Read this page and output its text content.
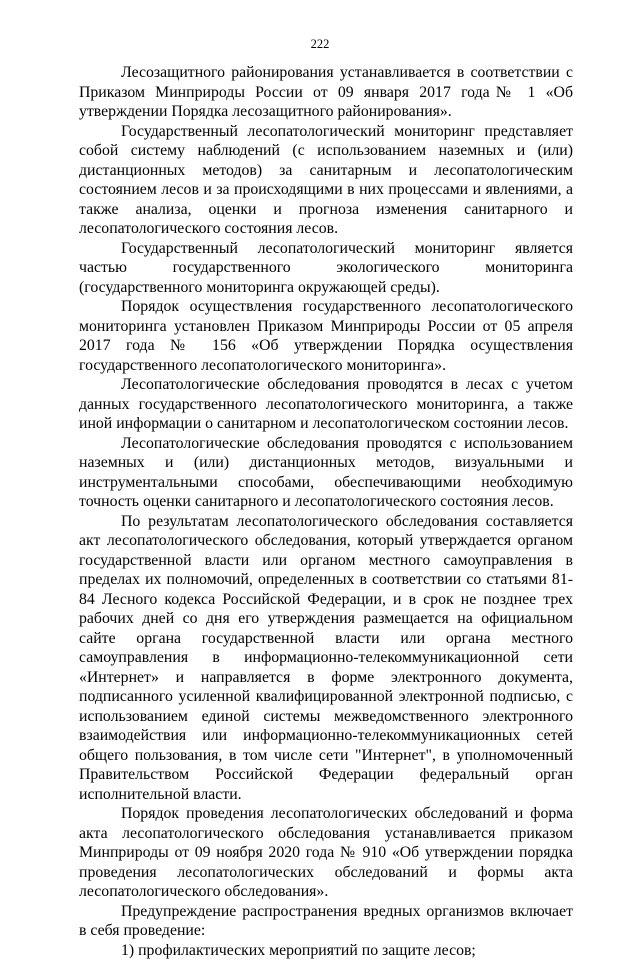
222

Лесозащитного районирования устанавливается в соответствии с Приказом Минприроды России от 09 января 2017 года№ 1 «Об утверждении Порядка лесозащитного районирования».

Государственный лесопатологический мониторинг представляет собой систему наблюдений (с использованием наземных и (или) дистанционных методов) за санитарным и лесопатологическим состоянием лесов и за происходящими в них процессами и явлениями, а также анализа, оценки и прогноза изменения санитарного и лесопатологического состояния лесов.

Государственный лесопатологический мониторинг является частью государственного экологического мониторинга (государственного мониторинга окружающей среды).

Порядок осуществления государственного лесопатологического мониторинга установлен Приказом Минприроды России от 05 апреля 2017 года № 156 «Об утверждении Порядка осуществления государственного лесопатологического мониторинга».

Лесопатологические обследования проводятся в лесах с учетом данных государственного лесопатологического мониторинга, а также иной информации о санитарном и лесопатологическом состоянии лесов.

Лесопатологические обследования проводятся с использованием наземных и (или) дистанционных методов, визуальными и инструментальными способами, обеспечивающими необходимую точность оценки санитарного и лесопатологического состояния лесов.

По результатам лесопатологического обследования составляется акт лесопатологического обследования, который утверждается органом государственной власти или органом местного самоуправления в пределах их полномочий, определенных в соответствии со статьями 81-84 Лесного кодекса Российской Федерации, и в срок не позднее трех рабочих дней со дня его утверждения размещается на официальном сайте органа государственной власти или органа местного самоуправления в информационно-телекоммуникационной сети «Интернет» и направляется в форме электронного документа, подписанного усиленной квалифицированной электронной подписью, с использованием единой системы межведомственного электронного взаимодействия или информационно-телекоммуникационных сетей общего пользования, в том числе сети "Интернет", в уполномоченный Правительством Российской Федерации федеральный орган исполнительной власти.

Порядок проведения лесопатологических обследований и форма акта лесопатологического обследования устанавливается приказом Минприроды от 09 ноября 2020 года № 910 «Об утверждении порядка проведения лесопатологических обследований и формы акта лесопатологического обследования».

Предупреждение распространения вредных организмов включает в себя проведение:

1) профилактических мероприятий по защите лесов;
